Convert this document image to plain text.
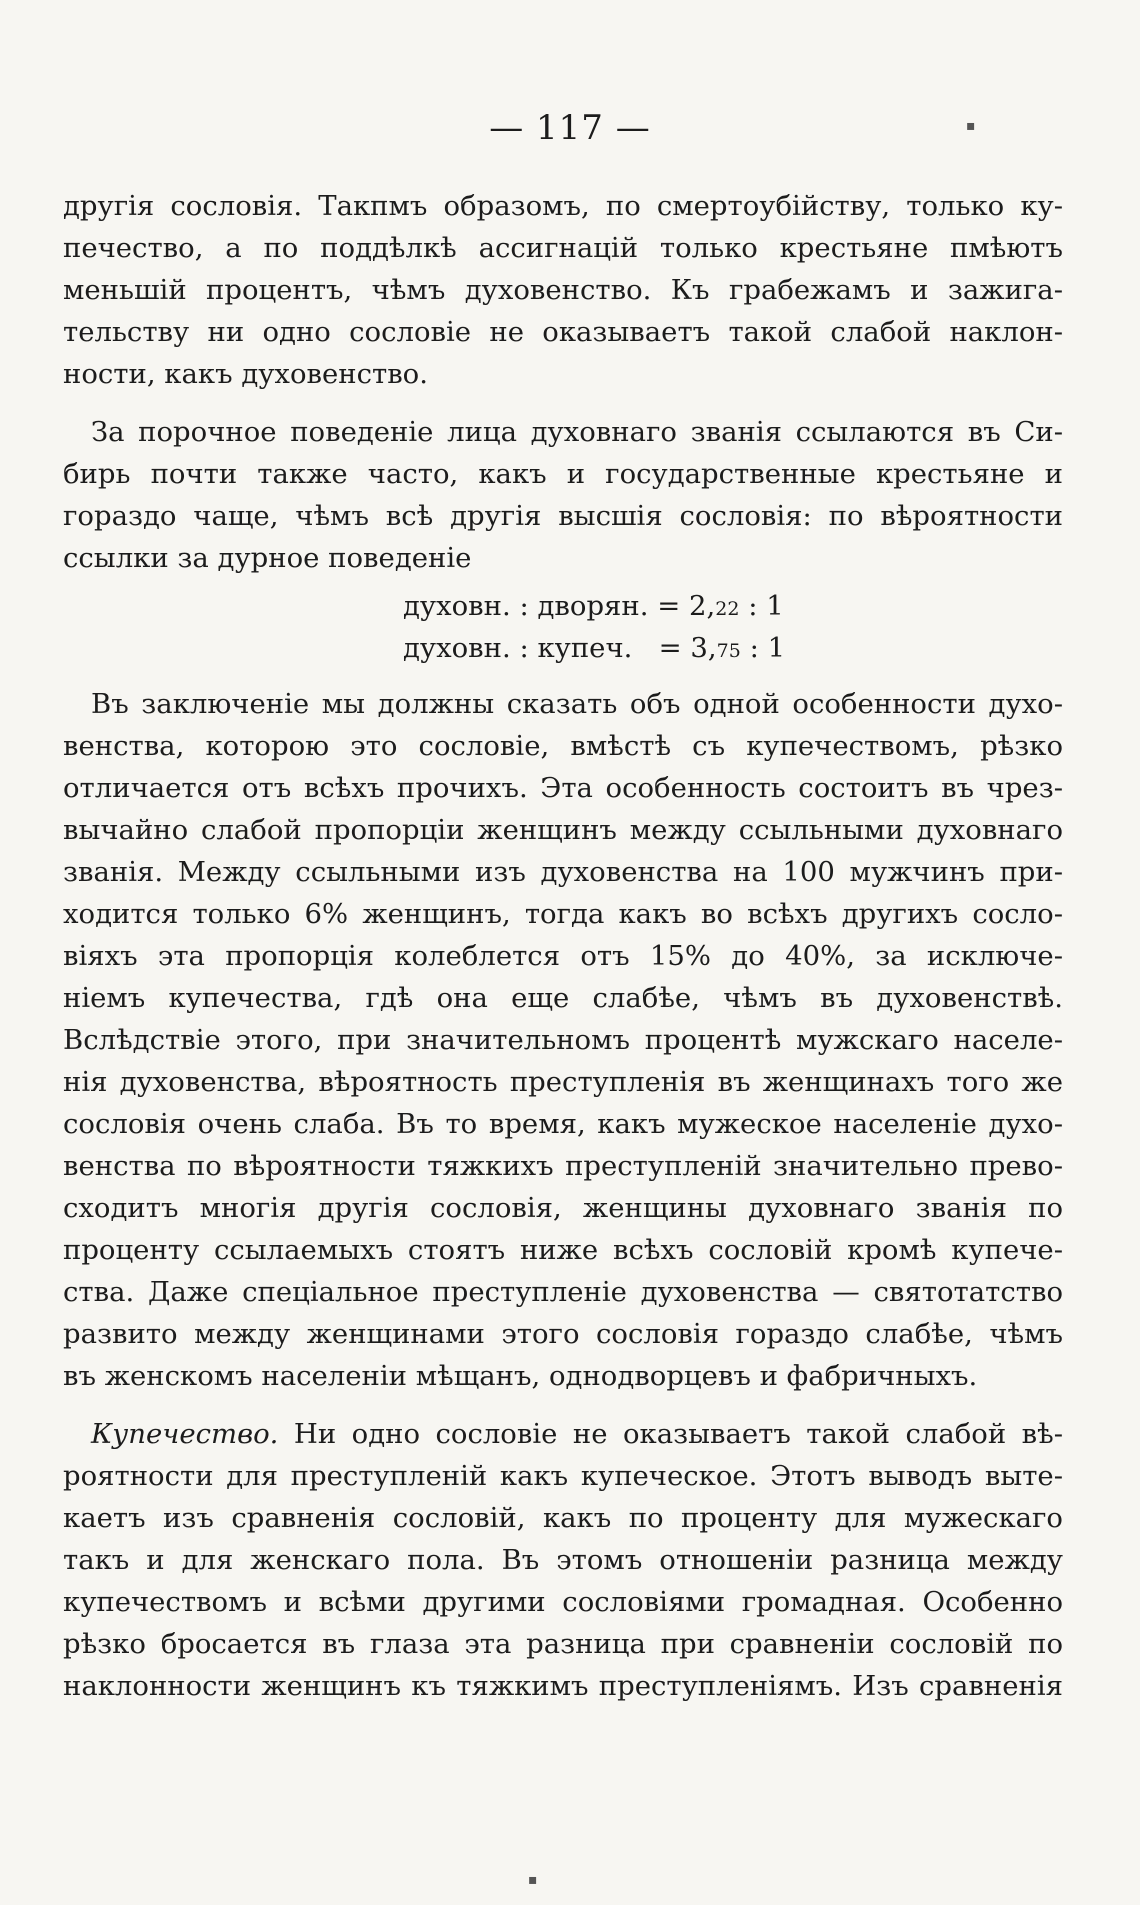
— 117 —
другія сословія. Такпмъ образомъ, по смертоубійству, только ку-
печество, а по поддѣлкѣ ассигнацій только крестьяне пмѣютъ
меньшій процентъ, чѣмъ духовенство. Къ грабежамъ и зажига-
тельству ни одно сословіе не оказываетъ такой слабой наклон-
ности, какъ духовенство.
За порочное поведеніе лица духовнаго званія ссылаются въ Си-
бирь почти также часто, какъ и государственные крестьяне и
гораздо чаще, чѣмъ всѣ другія высшія сословія: по вѣроятности
ссылки за дурное поведеніе
духовн. : дворян. = 2,22 : 1
духовн. : купеч.   = 3,75 : 1
Въ заключеніе мы должны сказать объ одной особенности духо-
венства, которою это сословіе, вмѣстѣ съ купечествомъ, рѣзко
отличается отъ всѣхъ прочихъ. Эта особенность состоитъ въ чрез-
вычайно слабой пропорціи женщинъ между ссыльными духовнаго
званія. Между ссыльными изъ духовенства на 100 мужчинъ при-
ходится только 6% женщинъ, тогда какъ во всѣхъ другихъ сосло-
віяхъ эта пропорція колеблется отъ 15% до 40%, за исключе-
ніемъ купечества, гдѣ она еще слабѣе, чѣмъ въ духовенствѣ.
Вслѣдствіе этого, при значительномъ процентѣ мужскаго населе-
нія духовенства, вѣроятность преступленія въ женщинахъ того же
сословія очень слаба. Въ то время, какъ мужеское населеніе духо-
венства по вѣроятности тяжкихъ преступленій значительно прево-
сходитъ многія другія сословія, женщины духовнаго званія по
проценту ссылаемыхъ стоятъ ниже всѣхъ сословій кромѣ купече-
ства. Даже спеціальное преступленіе духовенства — святотатство
развито между женщинами этого сословія гораздо слабѣе, чѣмъ
въ женскомъ населеніи мѣщанъ, однодворцевъ и фабричныхъ.
Купечество. Ни одно сословіе не оказываетъ такой слабой вѣ-
роятности для преступленій какъ купеческое. Этотъ выводъ выте-
каетъ изъ сравненія сословій, какъ по проценту для мужескаго
такъ и для женскаго пола. Въ этомъ отношеніи разница между
купечествомъ и всѣми другими сословіями громадная. Особенно
рѣзко бросается въ глаза эта разница при сравненіи сословій по
наклонности женщинъ къ тяжкимъ преступленіямъ. Изъ сравненія
▪
▪
